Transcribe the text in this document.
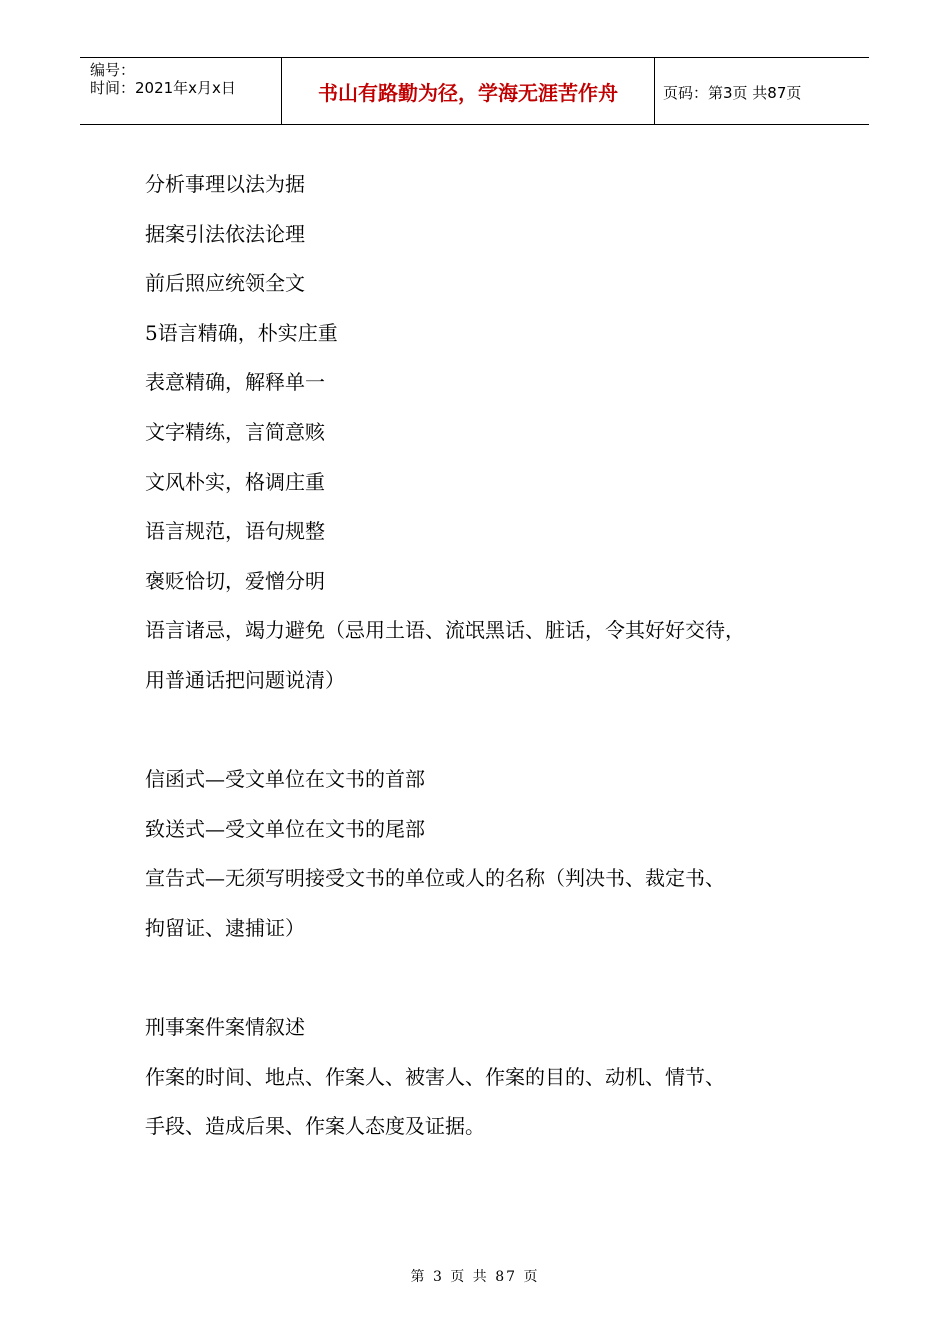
编号：
时间：2021年x月x日	书山有路勤为径，学海无涯苦作舟	页码：第3页 共87页

分析事理以法为据

据案引法依法论理

前后照应统领全文

5语言精确，朴实庄重

表意精确，解释单一

文字精练，言简意赅

文风朴实，格调庄重

语言规范，语句规整

褒贬恰切，爱憎分明

语言诸忌，竭力避免（忌用土语、流氓黑话、脏话，令其好好交待，

用普通话把问题说清）

信函式—受文单位在文书的首部

致送式—受文单位在文书的尾部

宣告式—无须写明接受文书的单位或人的名称（判决书、裁定书、

拘留证、逮捕证）

刑事案件案情叙述

作案的时间、地点、作案人、被害人、作案的目的、动机、情节、

手段、造成后果、作案人态度及证据。

第 3 页 共 87 页
